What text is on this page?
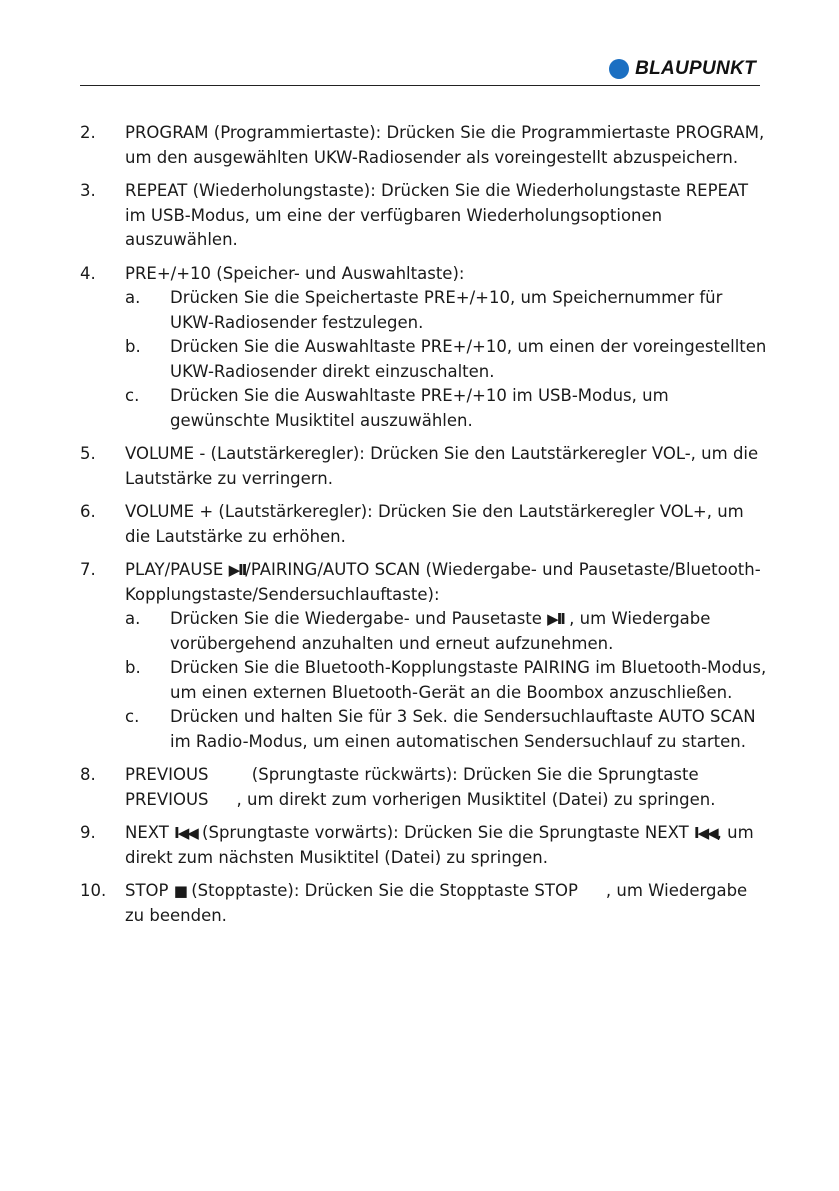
BLAUPUNKT
2.	PROGRAM (Programmiertaste): Drücken Sie die Programmiertaste PROGRAM, um den ausgewählten UKW-Radiosender als voreingestellt abzuspeichern.
3.	REPEAT (Wiederholungstaste): Drücken Sie die Wiederholungstaste REPEAT im USB-Modus, um eine der verfügbaren Wiederholungsoptionen auszuwählen.
4.	PRE+/+10 (Speicher- und Auswahltaste):
a.	Drücken Sie die Speichertaste PRE+/+10, um Speichernummer für UKW-Radiosender festzulegen.
b.	Drücken Sie die Auswahltaste PRE+/+10, um einen der voreingestellten UKW-Radiosender direkt einzuschalten.
c.	Drücken Sie die Auswahltaste PRE+/+10 im USB-Modus, um gewünschte Musiktitel auszuwählen.
5.	VOLUME - (Lautstärkeregler): Drücken Sie den Lautstärkeregler VOL-, um die Lautstärke zu verringern.
6.	VOLUME + (Lautstärkeregler): Drücken Sie den Lautstärkeregler VOL+, um die Lautstärke zu erhöhen.
7.	PLAY/PAUSE ▶II/PAIRING/AUTO SCAN (Wiedergabe- und Pausetaste/Bluetooth-Kopplungstaste/Sendersuchlauftaste):
a.	Drücken Sie die Wiedergabe- und Pausetaste ▶II , um Wiedergabe vorübergehend anzuhalten und erneut aufzunehmen.
b.	Drücken Sie die Bluetooth-Kopplungstaste PAIRING im Bluetooth-Modus, um einen externen Bluetooth-Gerät an die Boombox anzuschließen.
c.	Drücken und halten Sie für 3 Sek. die Sendersuchlauftaste AUTO SCAN im Radio-Modus, um einen automatischen Sendersuchlauf zu starten.
8.	PREVIOUS	(Sprungtaste rückwärts): Drücken Sie die Sprungtaste PREVIOUS , um direkt zum vorherigen Musiktitel (Datei) zu springen.
9.	NEXT I◀◀ (Sprungtaste vorwärts): Drücken Sie die Sprungtaste NEXT I◀◀, um direkt zum nächsten Musiktitel (Datei) zu springen.
10.	STOP ■ (Stopptaste): Drücken Sie die Stopptaste STOP , um Wiedergabe zu beenden.
